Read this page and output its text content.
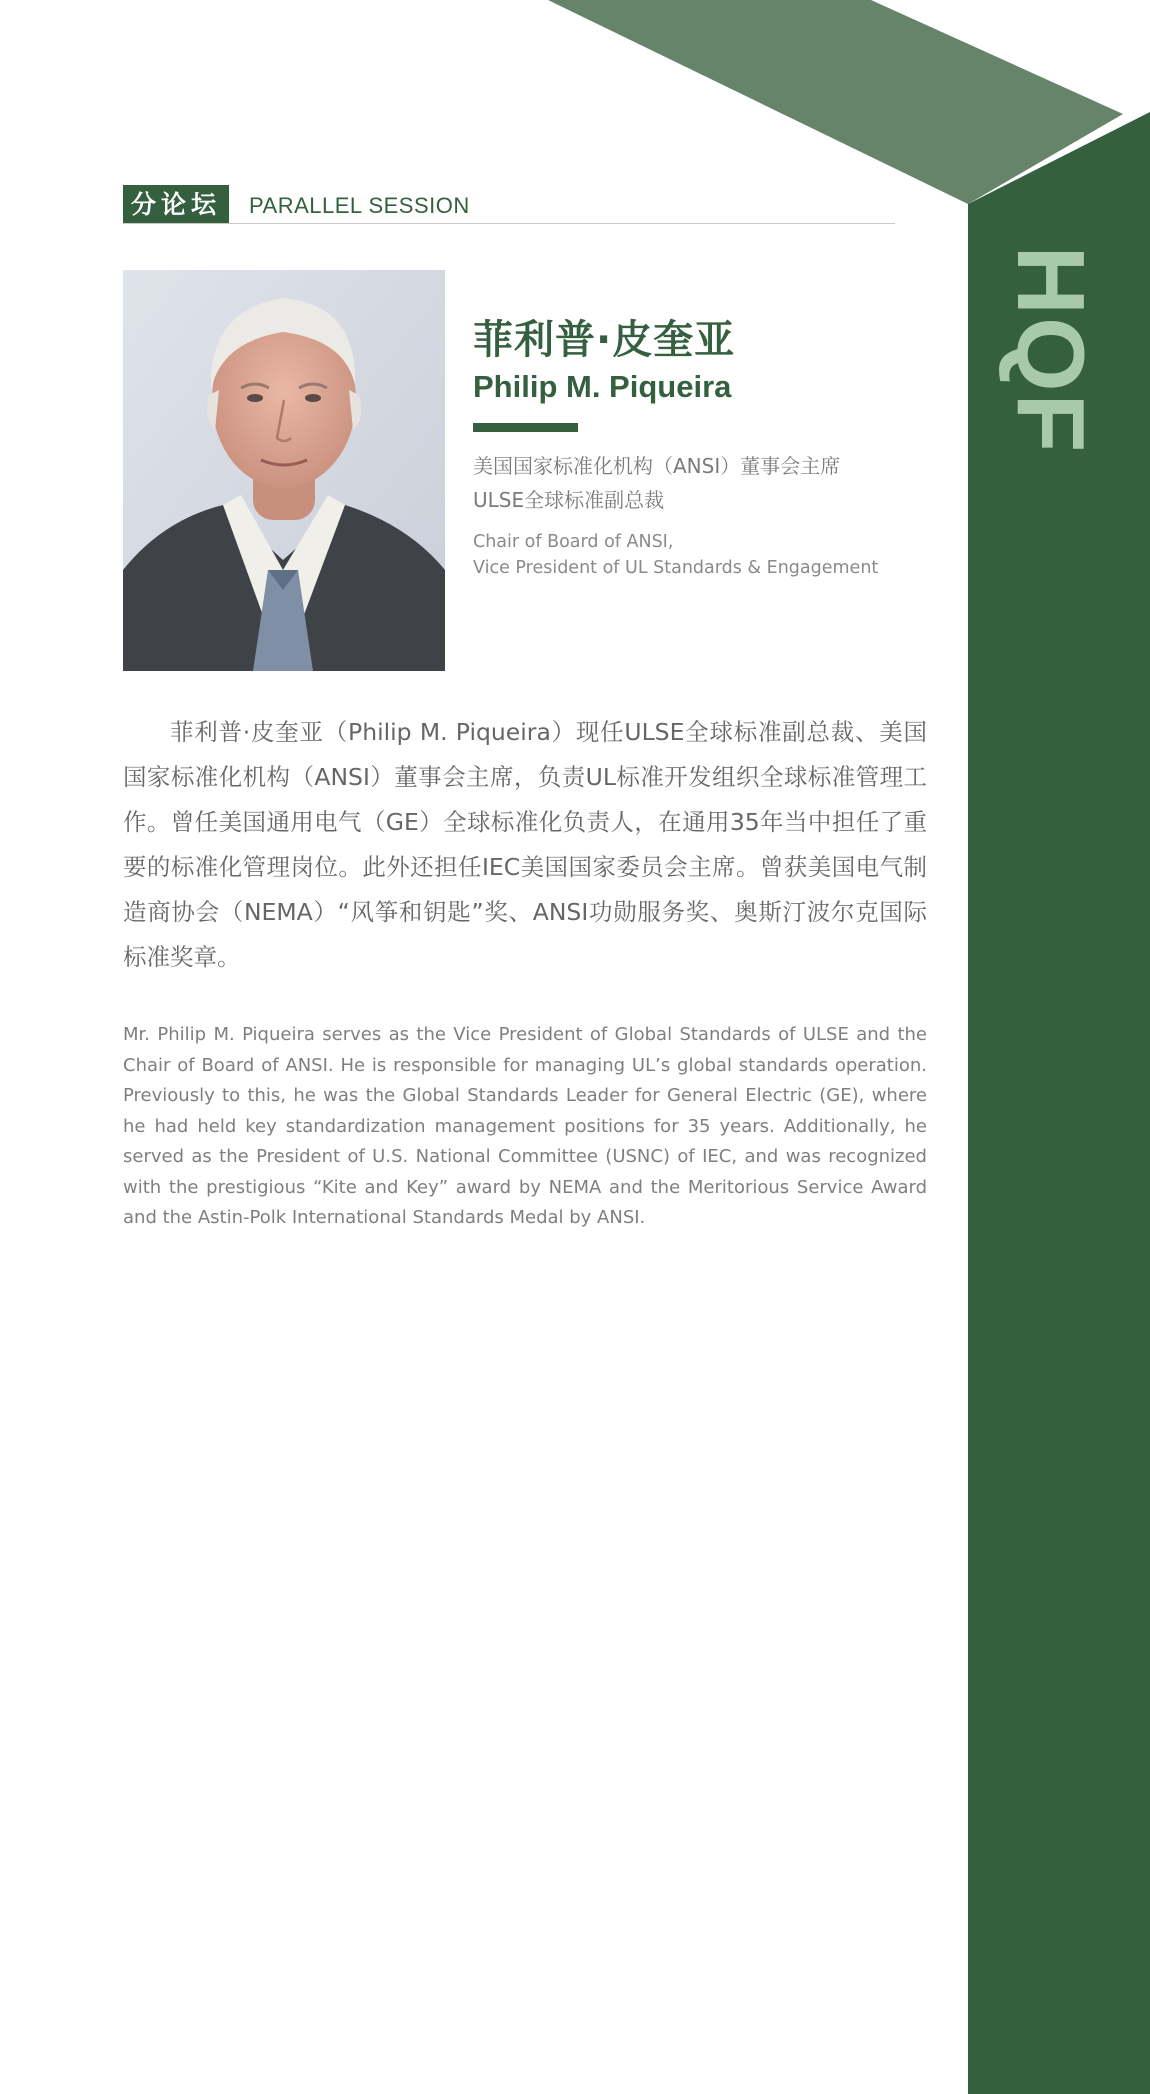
HQF
分论坛	PARALLEL SESSION
菲利普·皮奎亚
Philip M. Piqueira
美国国家标准化机构（ANSI）董事会主席
ULSE全球标准副总裁
Chair of Board of ANSI,
Vice President of UL Standards & Engagement

菲利普·皮奎亚（Philip M. Piqueira）现任ULSE全球标准副总裁、美国国家标准化机构（ANSI）董事会主席，负责UL标准开发组织全球标准管理工作。曾任美国通用电气（GE）全球标准化负责人，在通用35年当中担任了重要的标准化管理岗位。此外还担任IEC美国国家委员会主席。曾获美国电气制造商协会（NEMA）“风筝和钥匙”奖、ANSI功勋服务奖、奥斯汀波尔克国际标准奖章。

Mr. Philip M. Piqueira serves as the Vice President of Global Standards of ULSE and the Chair of Board of ANSI. He is responsible for managing UL’s global standards operation. Previously to this, he was the Global Standards Leader for General Electric (GE), where he had held key standardization management positions for 35 years. Additionally, he served as the President of U.S. National Committee (USNC) of IEC, and was recognized with the prestigious “Kite and Key” award by NEMA and the Meritorious Service Award and the Astin-Polk International Standards Medal by ANSI.
